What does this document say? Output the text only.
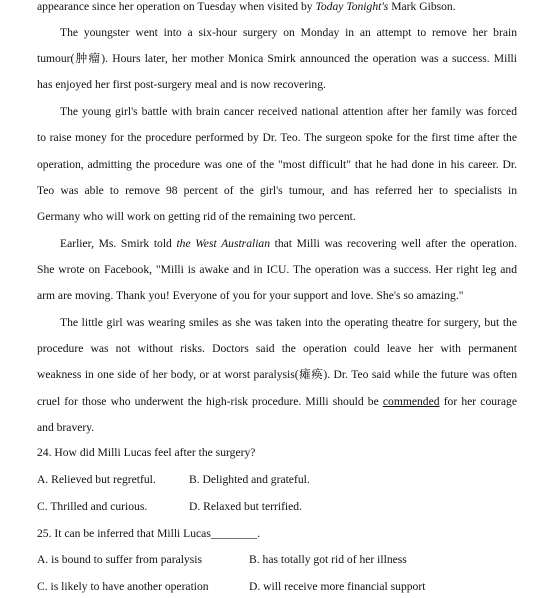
appearance since her operation on Tuesday when visited by Today Tonight's Mark Gibson.
The youngster went into a six-hour surgery on Monday in an attempt to remove her brain
tumour(肿瘤). Hours later, her mother Monica Smirk announced the operation was a success. Milli
has enjoyed her first post-surgery meal and is now recovering.
The young girl's battle with brain cancer received national attention after her family was forced
to raise money for the procedure performed by Dr. Teo. The surgeon spoke for the first time after the
operation, admitting the procedure was one of the "most difficult" that he had done in his career. Dr.
Teo was able to remove 98 percent of the girl's tumour, and has referred her to specialists in
Germany who will work on getting rid of the remaining two percent.
Earlier, Ms. Smirk told the West Australian that Milli was recovering well after the operation.
She wrote on Facebook, "Milli is awake and in ICU. The operation was a success. Her right leg and
arm are moving. Thank you! Everyone of you for your support and love. She's so amazing."
The little girl was wearing smiles as she was taken into the operating theatre for surgery, but the
procedure was not without risks. Doctors said the operation could leave her with permanent
weakness in one side of her body, or at worst paralysis(瘫痪). Dr. Teo said while the future was often
cruel for those who underwent the high-risk procedure. Milli should be commended for her courage
and bravery.
24. How did Milli Lucas feel after the surgery?
A. Relieved but regretful.	B. Delighted and grateful.
C. Thrilled and curious.	D. Relaxed but terrified.
25. It can be inferred that Milli Lucas________.
A. is bound to suffer from paralysis	B. has totally got rid of her illness
C. is likely to have another operation	D. will receive more financial support
